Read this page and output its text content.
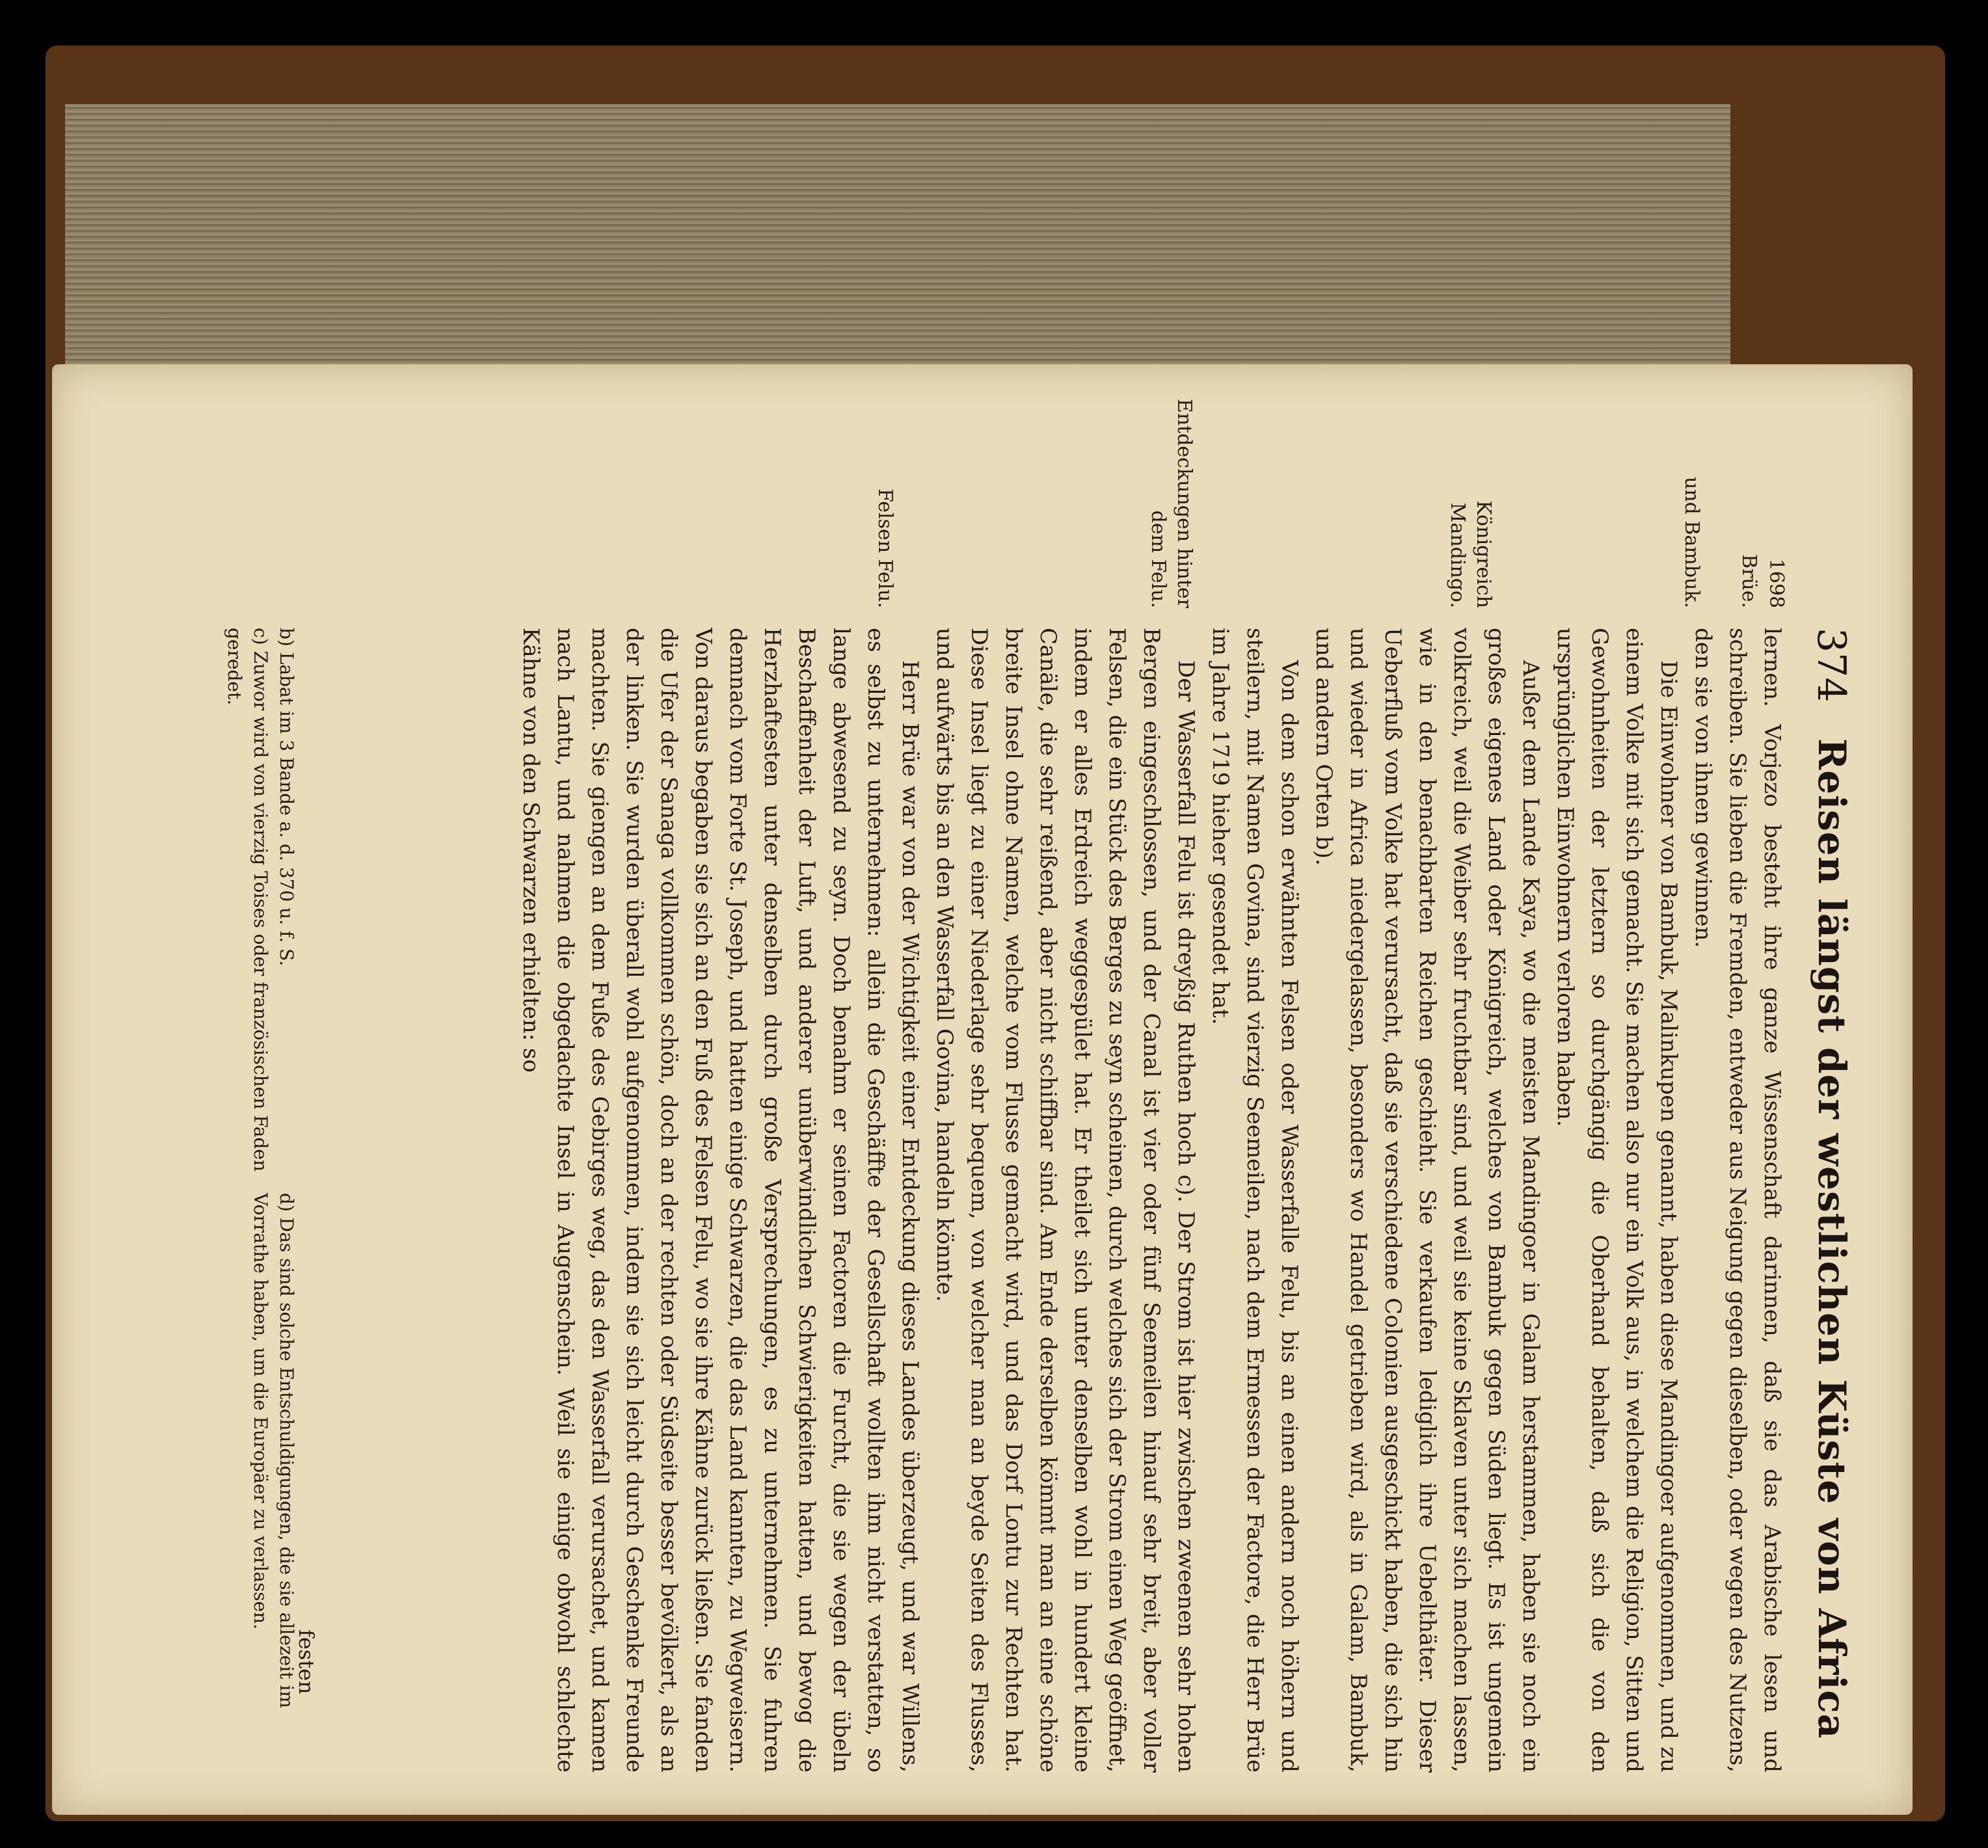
374
Reisen längst der westlichen Küste von Africa
1698
Brüe.
und Bambuk.
Königreich Mandingo.
Entdeckungen hinter dem Felu.
Felsen Felu.

lernen. Vorjezo besteht ihre ganze Wissenschaft darinnen, daß sie das Arabische lesen und schreiben. Sie lieben die Fremden, entweder aus Neigung gegen dieselben, oder wegen des Nutzens, den sie von ihnen gewinnen.

Die Einwohner von Bambuk, Malinkupen genannt, haben diese Mandingoer aufgenommen, und zu einem Volke mit sich gemacht. Sie machen also nur ein Volk aus, in welchem die Religion, Sitten und Gewohnheiten der letztern so durchgängig die Oberhand behalten, daß sich die von den ursprünglichen Einwohnern verloren haben.

Außer dem Lande Kaya, wo die meisten Mandingoer in Galam herstammen, haben sie noch ein großes eigenes Land oder Königreich, welches von Bambuk gegen Süden liegt. Es ist ungemein volkreich, weil die Weiber sehr fruchtbar sind, und weil sie keine Sklaven unter sich machen lassen, wie in den benachbarten Reichen geschieht. Sie verkaufen lediglich ihre Uebelthäter. Dieser Ueberfluß vom Volke hat verursacht, daß sie verschiedene Colonien ausgeschickt haben, die sich hin und wieder in Africa niedergelassen, besonders wo Handel getrieben wird, als in Galam, Bambuk, und andern Orten b).

Von dem schon erwähnten Felsen oder Wasserfalle Felu, bis an einen andern noch höhern und steilern, mit Namen Govina, sind vierzig Seemeilen, nach dem Ermessen der Factore, die Herr Brüe im Jahre 1719 hieher gesendet hat.

Der Wasserfall Felu ist dreyßig Ruthen hoch c). Der Strom ist hier zwischen zweenen sehr hohen Bergen eingeschlossen, und der Canal ist vier oder fünf Seemeilen hinauf sehr breit, aber voller Felsen, die ein Stück des Berges zu seyn scheinen, durch welches sich der Strom einen Weg geöffnet, indem er alles Erdreich weggespület hat. Er theilet sich unter denselben wohl in hundert kleine Canäle, die sehr reißend, aber nicht schiffbar sind. Am Ende derselben kömmt man an eine schöne breite Insel ohne Namen, welche vom Flusse gemacht wird, und das Dorf Lontu zur Rechten hat. Diese Insel liegt zu einer Niederlage sehr bequem, von welcher man an beyde Seiten des Flusses, und aufwärts bis an den Wasserfall Govina, handeln könnte.

Herr Brüe war von der Wichtigkeit einer Entdeckung dieses Landes überzeugt, und war Willens, es selbst zu unternehmen: allein die Geschäffte der Gesellschaft wollten ihm nicht verstatten, so lange abwesend zu seyn. Doch benahm er seinen Factoren die Furcht, die sie wegen der übeln Beschaffenheit der Luft, und anderer unüberwindlichen Schwierigkeiten hatten, und bewog die Herzhaftesten unter denselben durch große Versprechungen, es zu unternehmen. Sie fuhren demnach vom Forte St. Joseph, und hatten einige Schwarzen, die das Land kannten, zu Wegweisern. Von daraus begaben sie sich an den Fuß des Felsen Felu, wo sie ihre Kähne zurück ließen. Sie fanden die Ufer der Sanaga vollkommen schön, doch an der rechten oder Südseite besser bevölkert, als an der linken. Sie wurden überall wohl aufgenommen, indem sie sich leicht durch Geschenke Freunde machten. Sie giengen an dem Fuße des Gebirges weg, das den Wasserfall verursachet, und kamen nach Lantu, und nahmen die obgedachte Insel in Augenschein. Weil sie einige obwohl schlechte Kähne von den Schwarzen erhielten: so

festen
b) Labat im 3 Bande a. d. 370 u. f. S.
c) Zuwor wird von vierzig Toises oder französischen Faden geredet.

d) Das sind solche Entschuldigungen, die sie allezeit im Vorrathe haben, um die Europäer zu verlassen.
